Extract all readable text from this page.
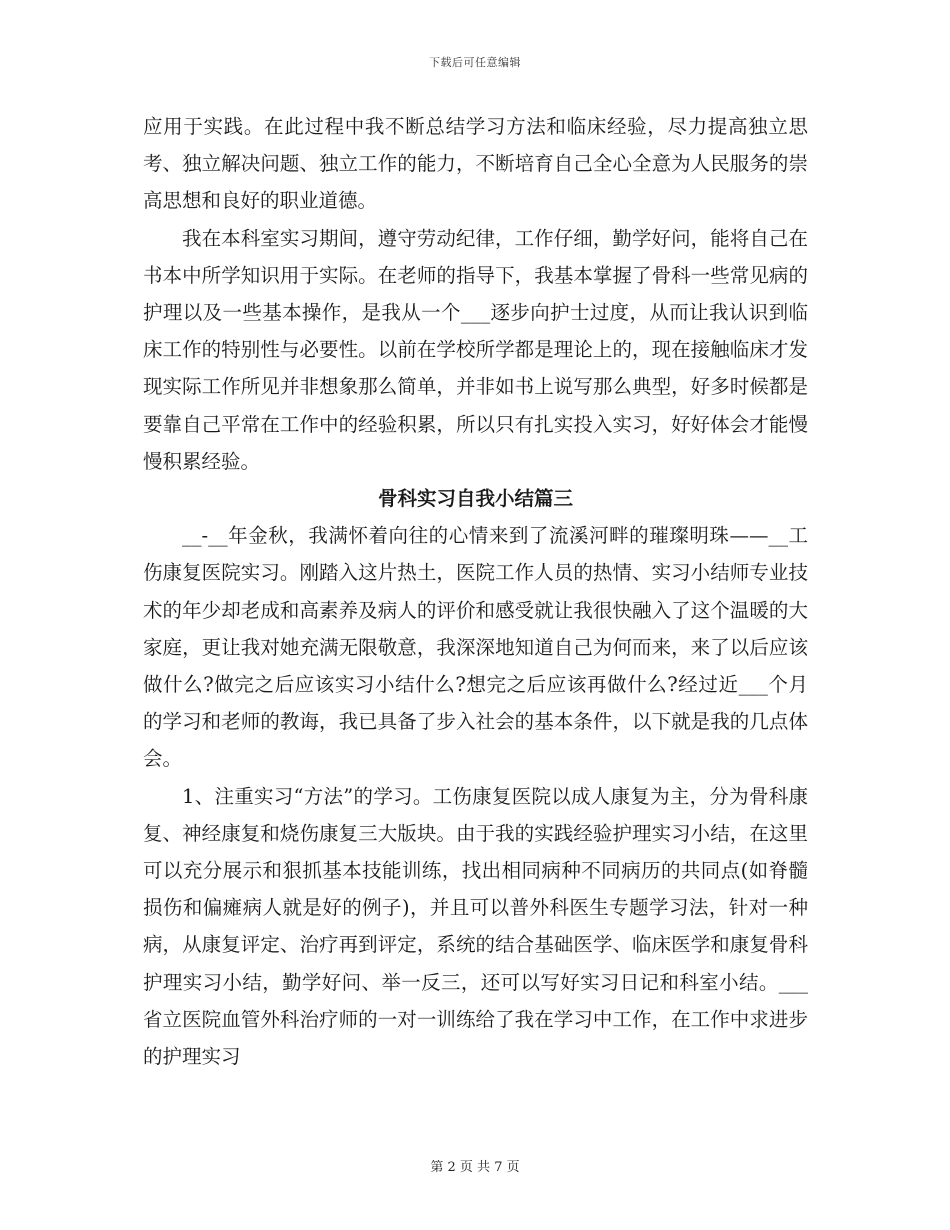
下载后可任意编辑

应用于实践。在此过程中我不断总结学习方法和临床经验，尽力提高独立思考、独立解决问题、独立工作的能力，不断培育自己全心全意为人民服务的崇高思想和良好的职业道德。

我在本科室实习期间，遵守劳动纪律，工作仔细，勤学好问，能将自己在书本中所学知识用于实际。在老师的指导下，我基本掌握了骨科一些常见病的护理以及一些基本操作，是我从一个___逐步向护士过度，从而让我认识到临床工作的特别性与必要性。以前在学校所学都是理论上的，现在接触临床才发现实际工作所见并非想象那么简单，并非如书上说写那么典型，好多时候都是要靠自己平常在工作中的经验积累，所以只有扎实投入实习，好好体会才能慢慢积累经验。

骨科实习自我小结篇三

__-__年金秋，我满怀着向往的心情来到了流溪河畔的璀璨明珠——__工伤康复医院实习。刚踏入这片热土，医院工作人员的热情、实习小结师专业技术的年少却老成和高素养及病人的评价和感受就让我很快融入了这个温暖的大家庭，更让我对她充满无限敬意，我深深地知道自己为何而来，来了以后应该做什么?做完之后应该实习小结什么?想完之后应该再做什么?经过近___个月的学习和老师的教诲，我已具备了步入社会的基本条件，以下就是我的几点体会。

1、注重实习“方法”的学习。工伤康复医院以成人康复为主，分为骨科康复、神经康复和烧伤康复三大版块。由于我的实践经验护理实习小结，在这里可以充分展示和狠抓基本技能训练，找出相同病种不同病历的共同点(如脊髓损伤和偏瘫病人就是好的例子)，并且可以普外科医生专题学习法，针对一种病，从康复评定、治疗再到评定，系统的结合基础医学、临床医学和康复骨科护理实习小结，勤学好问、举一反三，还可以写好实习日记和科室小结。___省立医院血管外科治疗师的一对一训练给了我在学习中工作，在工作中求进步的护理实习

第 2 页 共 7 页
